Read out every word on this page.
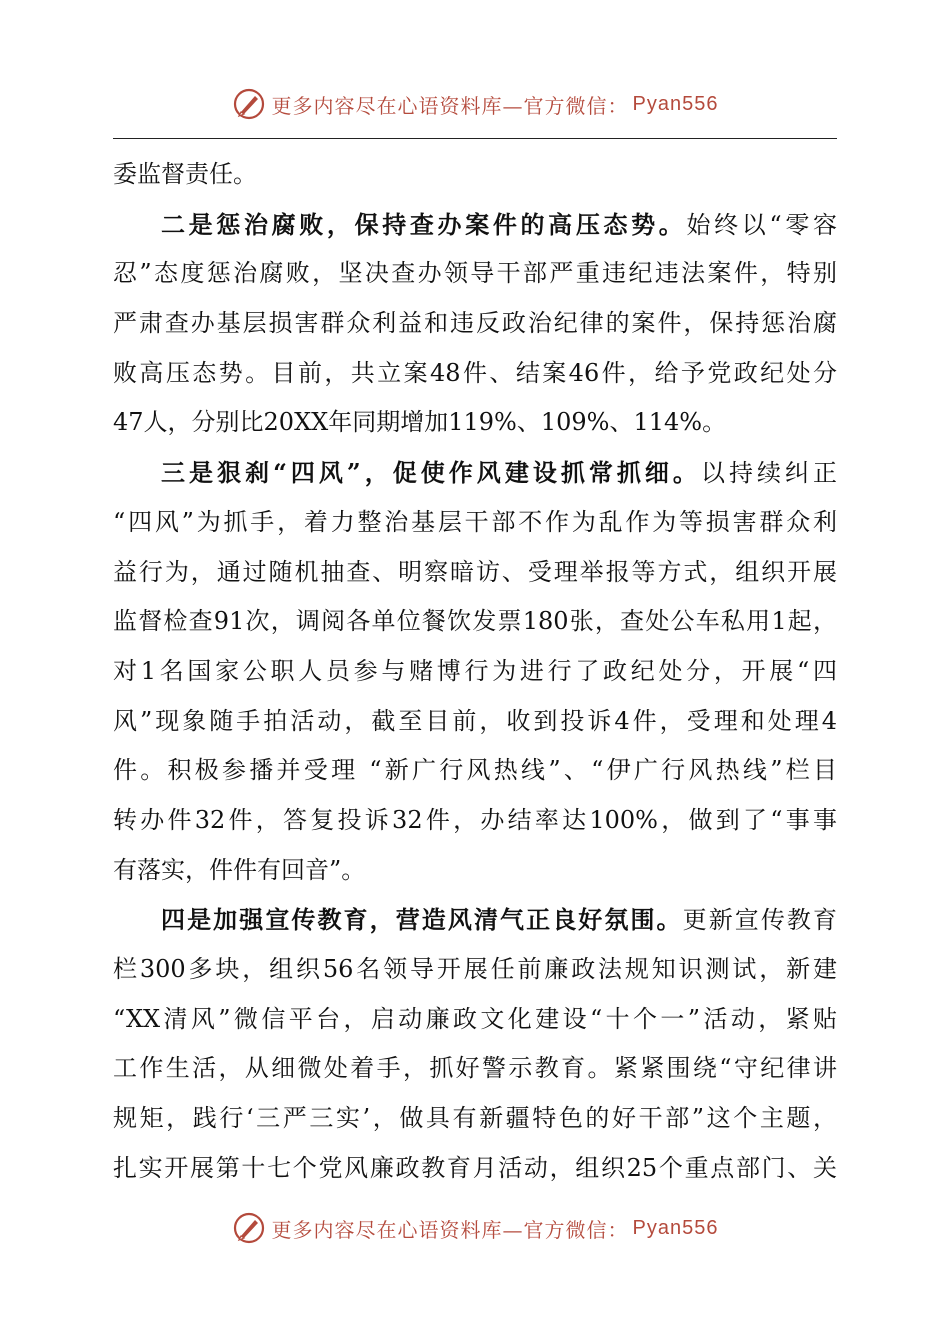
更多内容尽在心语资料库—官方微信： Pyan556
委监督责任。
二是惩治腐败，保持查办案件的高压态势。始终以“零容
忍”态度惩治腐败，坚决查办领导干部严重违纪违法案件，特别
严肃查办基层损害群众利益和违反政治纪律的案件，保持惩治腐
败高压态势。目前，共立案48件、结案46件，给予党政纪处分
47人，分别比20XX年同期增加119%、109%、114%。
三是狠刹“四风”，促使作风建设抓常抓细。以持续纠正
“四风”为抓手，着力整治基层干部不作为乱作为等损害群众利
益行为，通过随机抽查、明察暗访、受理举报等方式，组织开展
监督检查91次，调阅各单位餐饮发票180张，查处公车私用1起，
对1名国家公职人员参与赌博行为进行了政纪处分，开展“四
风”现象随手拍活动，截至目前，收到投诉4件，受理和处理4
件。积极参播并受理 “新广行风热线”、“伊广行风热线”栏目
转办件32件，答复投诉32件，办结率达100%，做到了“事事
有落实，件件有回音”。
四是加强宣传教育，营造风清气正良好氛围。更新宣传教育
栏300多块，组织56名领导开展任前廉政法规知识测试，新建
“XX清风”微信平台，启动廉政文化建设“十个一”活动，紧贴
工作生活，从细微处着手，抓好警示教育。紧紧围绕“守纪律讲
规矩，践行‘三严三实’，做具有新疆特色的好干部”这个主题，
扎实开展第十七个党风廉政教育月活动，组织25个重点部门、关
更多内容尽在心语资料库—官方微信： Pyan556
